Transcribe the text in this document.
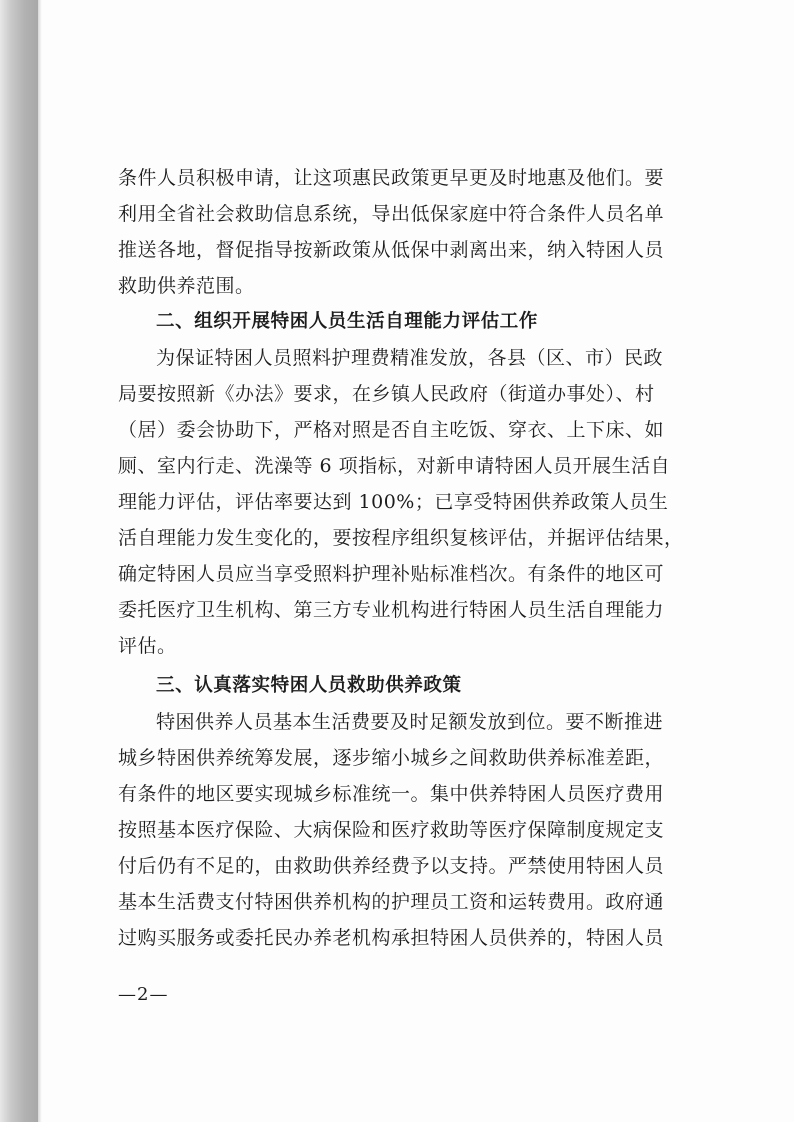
条件人员积极申请，让这项惠民政策更早更及时地惠及他们。要
利用全省社会救助信息系统，导出低保家庭中符合条件人员名单
推送各地，督促指导按新政策从低保中剥离出来，纳入特困人员
救助供养范围。
二、组织开展特困人员生活自理能力评估工作
为保证特困人员照料护理费精准发放，各县（区、市）民政
局要按照新《办法》要求，在乡镇人民政府（街道办事处）、村
（居）委会协助下，严格对照是否自主吃饭、穿衣、上下床、如
厕、室内行走、洗澡等 6 项指标，对新申请特困人员开展生活自
理能力评估，评估率要达到 100%；已享受特困供养政策人员生
活自理能力发生变化的，要按程序组织复核评估，并据评估结果，
确定特困人员应当享受照料护理补贴标准档次。有条件的地区可
委托医疗卫生机构、第三方专业机构进行特困人员生活自理能力
评估。
三、认真落实特困人员救助供养政策
特困供养人员基本生活费要及时足额发放到位。要不断推进
城乡特困供养统筹发展，逐步缩小城乡之间救助供养标准差距，
有条件的地区要实现城乡标准统一。集中供养特困人员医疗费用
按照基本医疗保险、大病保险和医疗救助等医疗保障制度规定支
付后仍有不足的，由救助供养经费予以支持。严禁使用特困人员
基本生活费支付特困供养机构的护理员工资和运转费用。政府通
过购买服务或委托民办养老机构承担特困人员供养的，特困人员
—2—
